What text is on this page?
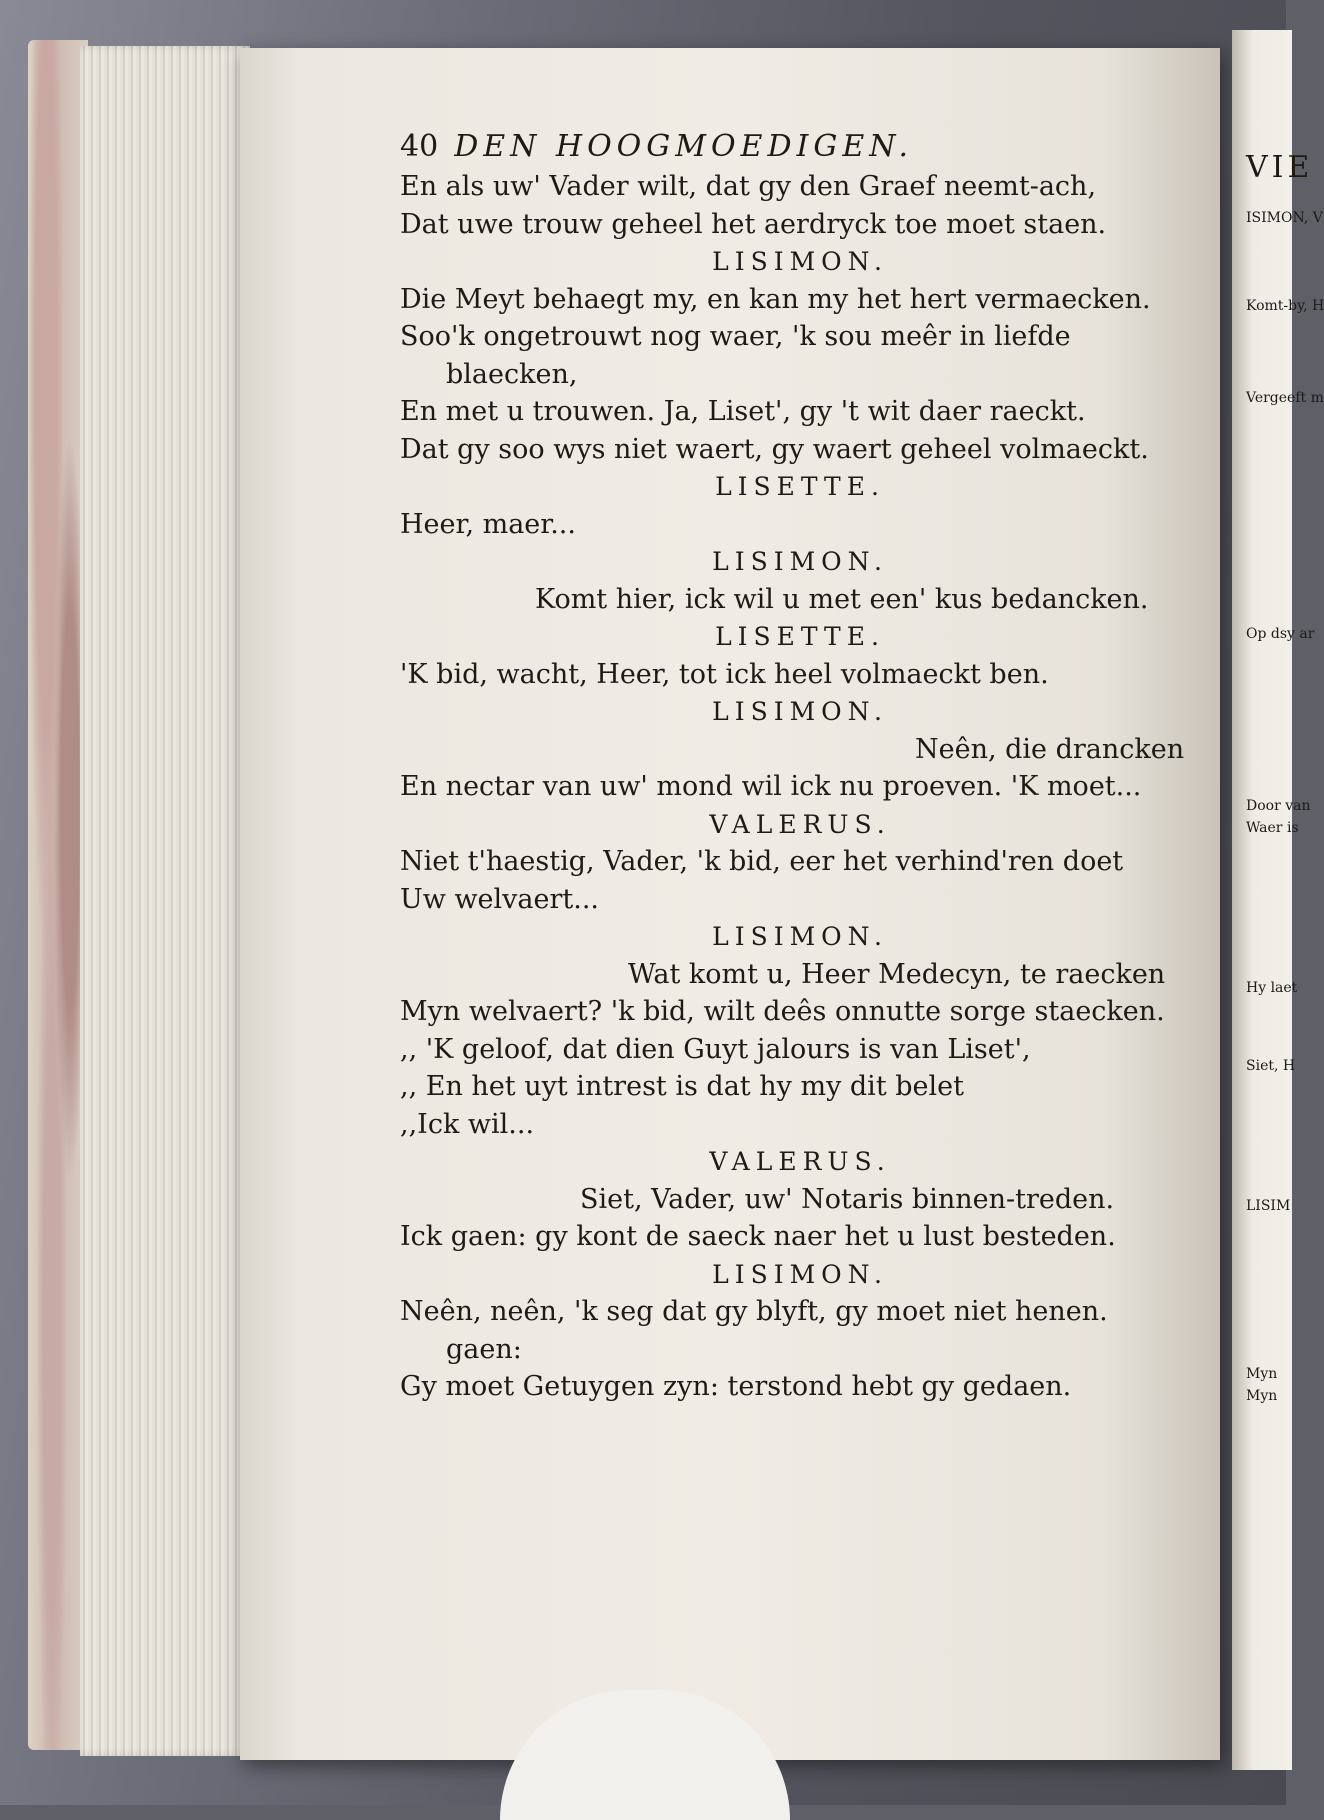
VIE
ISIMON, V
Komt-by, H
Vergeeft m
Op dsy ar
Door van
Waer is
Hy laet
Siet, H
LISIM
Myn
Myn
40 DEN HOOGMOEDIGEN.
En als uw' Vader wilt, dat gy den Graef neemt-ach,
Dat uwe trouw geheel het aerdryck toe moet staen.
LISIMON.
Die Meyt behaegt my, en kan my het hert vermaecken.
Soo'k ongetrouwt nog waer, 'k sou meêr in liefde
blaecken,
En met u trouwen. Ja, Liset', gy 't wit daer raeckt.
Dat gy soo wys niet waert, gy waert geheel volmaeckt.
LISETTE.
Heer, maer...
LISIMON.
Komt hier, ick wil u met een' kus bedancken.
LISETTE.
'K bid, wacht, Heer, tot ick heel volmaeckt ben.
LISIMON.
Neên, die drancken
En nectar van uw' mond wil ick nu proeven. 'K moet...
VALERUS.
Niet t'haestig, Vader, 'k bid, eer het verhind'ren doet
Uw welvaert...
LISIMON.
Wat komt u, Heer Medecyn, te raecken
Myn welvaert? 'k bid, wilt deês onnutte sorge staecken.
,, 'K geloof, dat dien Guyt jalours is van Liset',
,, En het uyt intrest is dat hy my dit belet
,,Ick wil...
VALERUS.
Siet, Vader, uw' Notaris binnen-treden.
Ick gaen: gy kont de saeck naer het u lust besteden.
LISIMON.
Neên, neên, 'k seg dat gy blyft, gy moet niet henen.
gaen:
Gy moet Getuygen zyn: terstond hebt gy gedaen.
